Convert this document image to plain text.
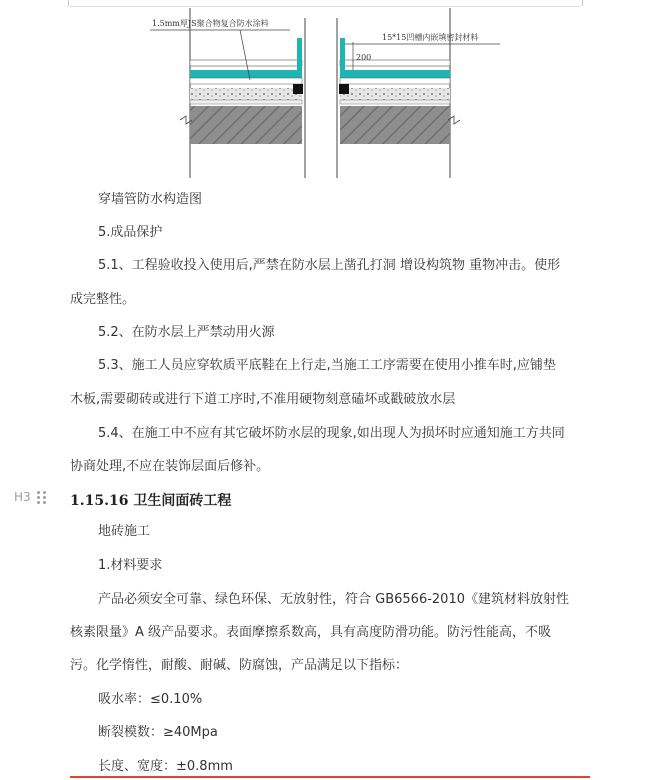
1.5mm厚JS聚合物复合防水涂料
15*15凹槽内嵌填密封材料
200
穿墙管防水构造图
5.成品保护
5.1、工程验收投入使用后,严禁在防水层上凿孔打洞 增设构筑物 重物冲击。使形
成完整性。
5.2、在防水层上严禁动用火源
5.3、施工人员应穿软质平底鞋在上行走,当施工工序需要在使用小推车时,应铺垫
木板,需要砌砖或进行下道工序时,不准用硬物刻意磕坏或戳破放水层
5.4、在施工中不应有其它破坏防水层的现象,如出现人为损坏时应通知施工方共同
协商处理,不应在装饰层面后修补。
H3	1.15.16 卫生间面砖工程
地砖施工
1.材料要求
产品必须安全可靠、绿色环保、无放射性，符合 GB6566-2010《建筑材料放射性
核素限量》A 级产品要求。表面摩擦系数高，具有高度防滑功能。防污性能高，不吸
污。化学惰性，耐酸、耐碱、防腐蚀，产品满足以下指标：
吸水率：≤0.10%
断裂模数：≥40Mpa
长度、宽度：±0.8mm
